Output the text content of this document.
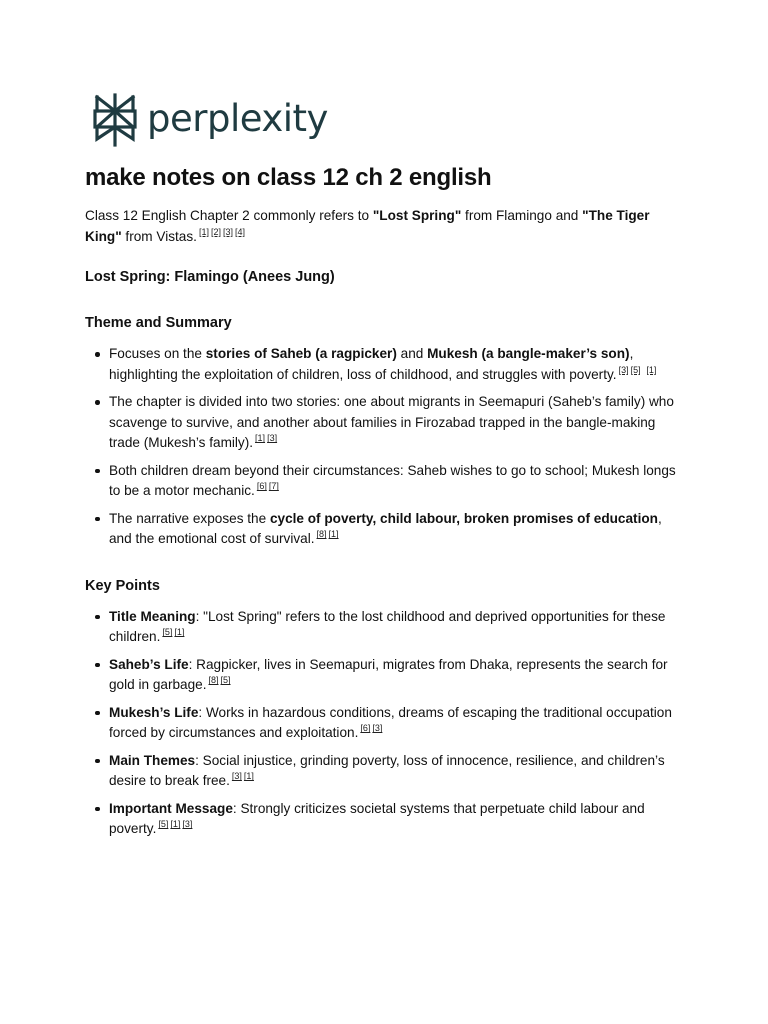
perplexity
make notes on class 12 ch 2 english

Class 12 English Chapter 2 commonly refers to "Lost Spring" from Flamingo and "The Tiger King" from Vistas. [1] [2] [3] [4]

Lost Spring: Flamingo (Anees Jung)
Theme and Summary
Focuses on the stories of Saheb (a ragpicker) and Mukesh (a bangle-maker’s son), highlighting the exploitation of children, loss of childhood, and struggles with poverty. [3] [5] [1]
The chapter is divided into two stories: one about migrants in Seemapuri (Saheb’s family) who scavenge to survive, and another about families in Firozabad trapped in the bangle-making trade (Mukesh’s family). [1] [3]
Both children dream beyond their circumstances: Saheb wishes to go to school; Mukesh longs to be a motor mechanic. [6] [7]
The narrative exposes the cycle of poverty, child labour, broken promises of education, and the emotional cost of survival. [8] [1]
Key Points
Title Meaning: "Lost Spring" refers to the lost childhood and deprived opportunities for these children. [5] [1]
Saheb’s Life: Ragpicker, lives in Seemapuri, migrates from Dhaka, represents the search for gold in garbage. [8] [5]
Mukesh’s Life: Works in hazardous conditions, dreams of escaping the traditional occupation forced by circumstances and exploitation. [6] [3]
Main Themes: Social injustice, grinding poverty, loss of innocence, resilience, and children’s desire to break free. [3] [1]
Important Message: Strongly criticizes societal systems that perpetuate child labour and poverty. [5] [1] [3]
